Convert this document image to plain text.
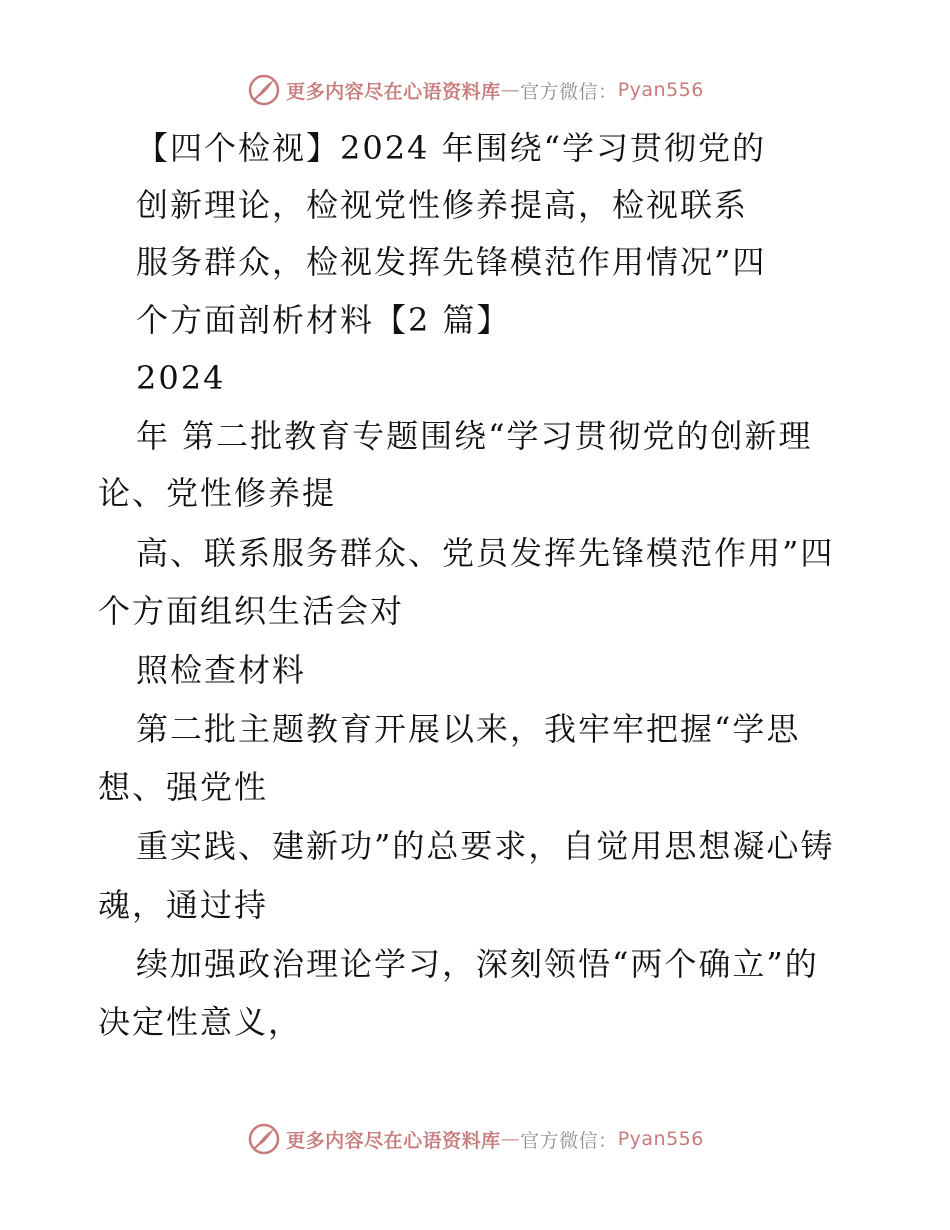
更多内容尽在心语资料库 — 官方微信： Pyan556
【四个检视】2024 年围绕“学习贯彻党的
创新理论，检视党性修养提高，检视联系
服务群众，检视发挥先锋模范作用情况”四
个方面剖析材料【2 篇】
2024
年 第二批教育专题围绕“学习贯彻党的创新理
论、党性修养提
高、联系服务群众、党员发挥先锋模范作用”四
个方面组织生活会对
照检查材料
第二批主题教育开展以来，我牢牢把握“学思
想、强党性
重实践、建新功”的总要求，自觉用思想凝心铸
魂，通过持
续加强政治理论学习，深刻领悟“两个确立”的
决定性意义，
更多内容尽在心语资料库 — 官方微信： Pyan556
